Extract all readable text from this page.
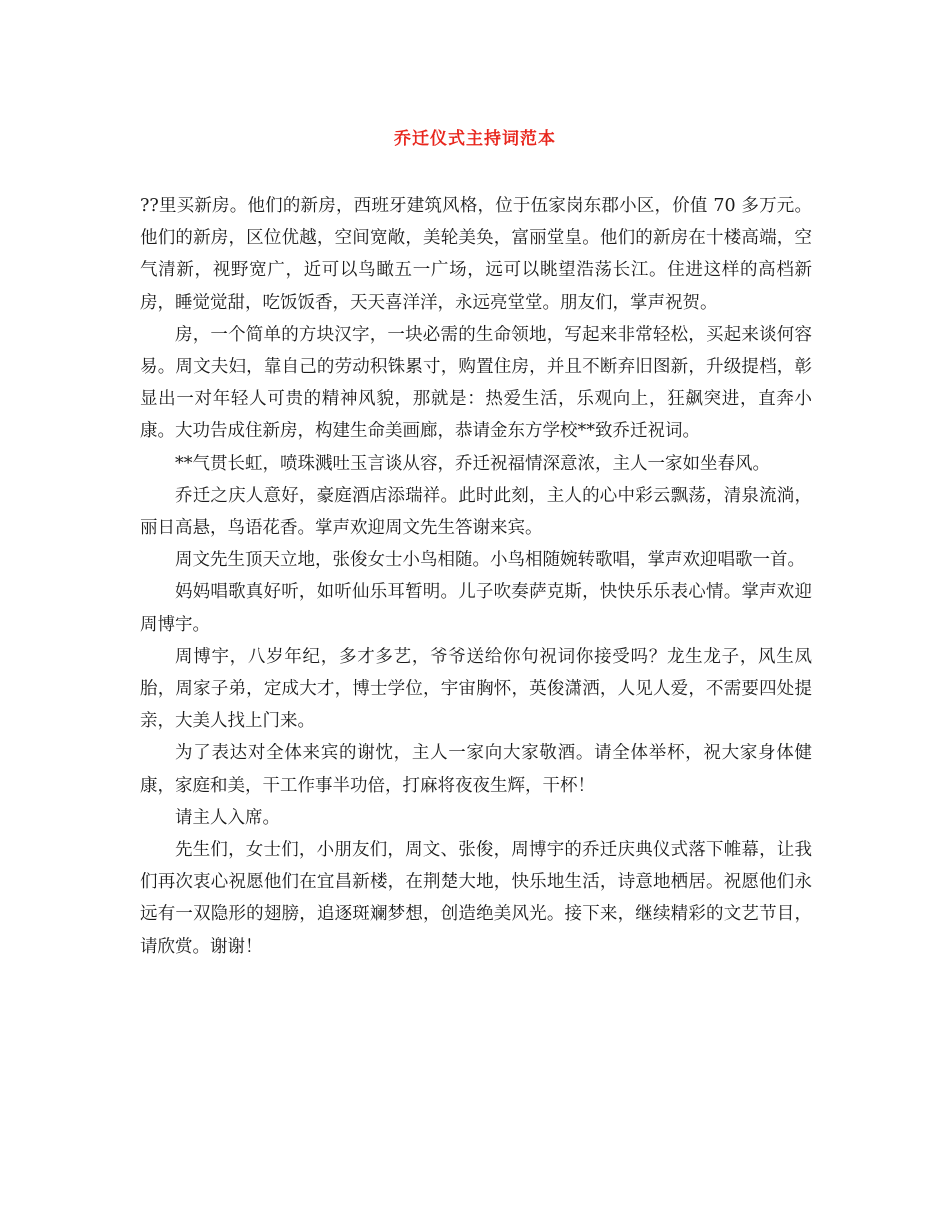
乔迁仪式主持词范本

??里买新房。他们的新房，西班牙建筑风格，位于伍家岗东郡小区，价值 70 多万元。他们的新房，区位优越，空间宽敞，美轮美奂，富丽堂皇。他们的新房在十楼高端，空气清新，视野宽广，近可以鸟瞰五一广场，远可以眺望浩荡长江。住进这样的高档新房，睡觉觉甜，吃饭饭香，天天喜洋洋，永远亮堂堂。朋友们，掌声祝贺。

房，一个简单的方块汉字，一块必需的生命领地，写起来非常轻松，买起来谈何容易。周文夫妇，靠自己的劳动积铢累寸，购置住房，并且不断弃旧图新，升级提档，彰显出一对年轻人可贵的精神风貌，那就是：热爱生活，乐观向上，狂飙突进，直奔小康。大功告成住新房，构建生命美画廊，恭请金东方学校**致乔迁祝词。

**气贯长虹，喷珠溅吐玉言谈从容，乔迁祝福情深意浓，主人一家如坐春风。

乔迁之庆人意好，豪庭酒店添瑞祥。此时此刻，主人的心中彩云飘荡，清泉流淌，丽日高悬，鸟语花香。掌声欢迎周文先生答谢来宾。

周文先生顶天立地，张俊女士小鸟相随。小鸟相随婉转歌唱，掌声欢迎唱歌一首。

妈妈唱歌真好听，如听仙乐耳暂明。儿子吹奏萨克斯，快快乐乐表心情。掌声欢迎周博宇。

周博宇，八岁年纪，多才多艺，爷爷送给你句祝词你接受吗？龙生龙子，风生凤胎，周家子弟，定成大才，博士学位，宇宙胸怀，英俊潇洒，人见人爱，不需要四处提亲，大美人找上门来。

为了表达对全体来宾的谢忱，主人一家向大家敬酒。请全体举杯，祝大家身体健康，家庭和美，干工作事半功倍，打麻将夜夜生辉，干杯！

请主人入席。

先生们，女士们，小朋友们，周文、张俊，周博宇的乔迁庆典仪式落下帷幕，让我们再次衷心祝愿他们在宜昌新楼，在荆楚大地，快乐地生活，诗意地栖居。祝愿他们永远有一双隐形的翅膀，追逐斑斓梦想，创造绝美风光。接下来，继续精彩的文艺节目，请欣赏。谢谢！
